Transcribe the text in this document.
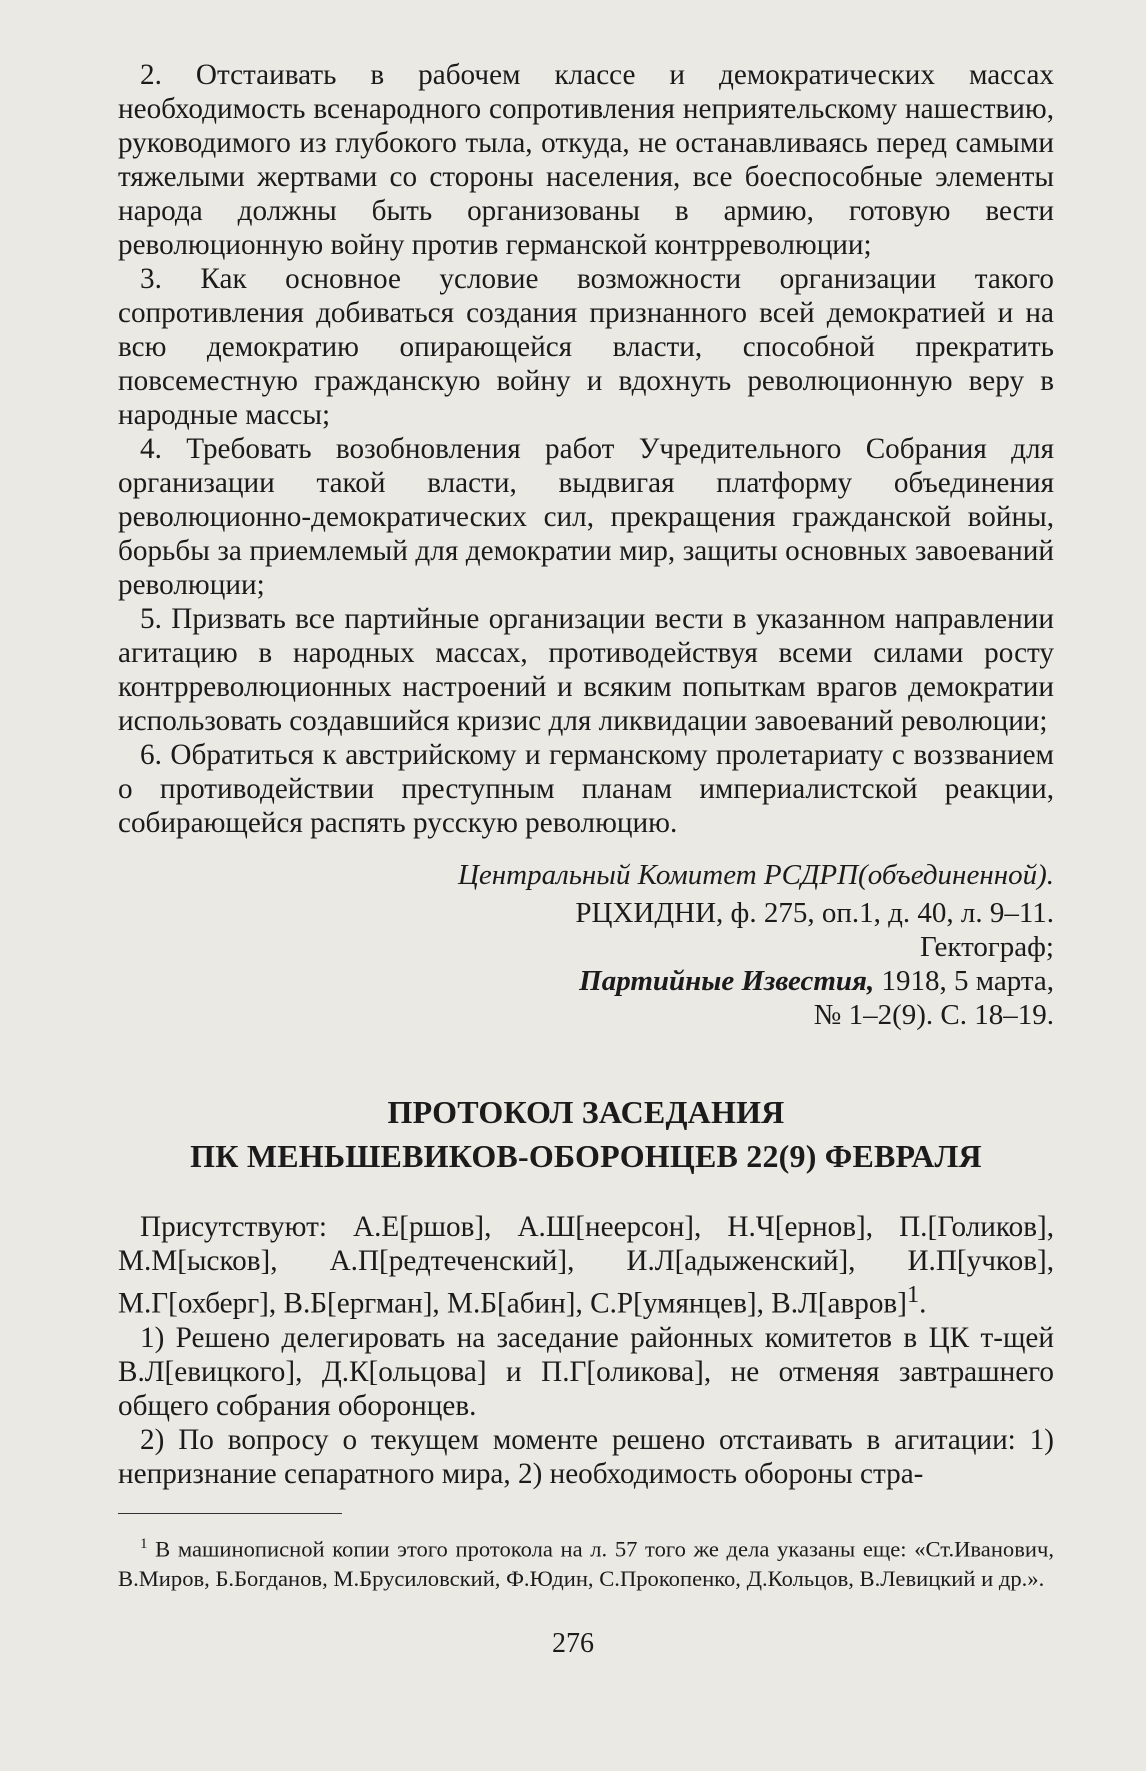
2. Отстаивать в рабочем классе и демократических массах необходимость всенародного сопротивления неприятельскому нашествию, руководимого из глубокого тыла, откуда, не останавливаясь перед самыми тяжелыми жертвами со стороны населения, все боеспособные элементы народа должны быть организованы в армию, готовую вести революционную войну против германской контрреволюции;

3. Как основное условие возможности организации такого сопротивления добиваться создания признанного всей демократией и на всю демократию опирающейся власти, способной прекратить повсеместную гражданскую войну и вдохнуть революционную веру в народные массы;

4. Требовать возобновления работ Учредительного Собрания для организации такой власти, выдвигая платформу объединения революционно-демократических сил, прекращения гражданской войны, борьбы за приемлемый для демократии мир, защиты основных завоеваний революции;

5. Призвать все партийные организации вести в указанном направлении агитацию в народных массах, противодействуя всеми силами росту контрреволюционных настроений и всяким попыткам врагов демократии использовать создавшийся кризис для ликвидации завоеваний революции;

6. Обратиться к австрийскому и германскому пролетариату с воззванием о противодействии преступным планам империалистской реакции, собирающейся распять русскую революцию.

Центральный Комитет РСДРП(объединенной).

РЦХИДНИ, ф. 275, оп.1, д. 40, л. 9–11.

Гектограф;

Партийные Известия, 1918, 5 марта,

№ 1–2(9). С. 18–19.

ПРОТОКОЛ ЗАСЕДАНИЯ

ПК МЕНЬШЕВИКОВ-ОБОРОНЦЕВ 22(9) ФЕВРАЛЯ

Присутствуют: А.Е[ршов], А.Ш[неерсон], Н.Ч[ернов], П.[Голиков], М.М[ысков], А.П[редтеченский], И.Л[адыженский], И.П[учков], М.Г[охберг], В.Б[ергман], М.Б[абин], С.Р[умянцев], В.Л[авров]$^1$.

1) Решено делегировать на заседание районных комитетов в ЦК т-щей В.Л[евицкого], Д.К[ольцова] и П.Г[оликова], не отменяя завтрашнего общего собрания оборонцев.

2) По вопросу о текущем моменте решено отстаивать в агитации: 1) непризнание сепаратного мира, 2) необходимость обороны стра-

$^1$ В машинописной копии этого протокола на л. 57 того же дела указаны еще: «Ст.Иванович, В.Миров, Б.Богданов, М.Брусиловский, Ф.Юдин, С.Прокопенко, Д.Кольцов, В.Левицкий и др.».

276
